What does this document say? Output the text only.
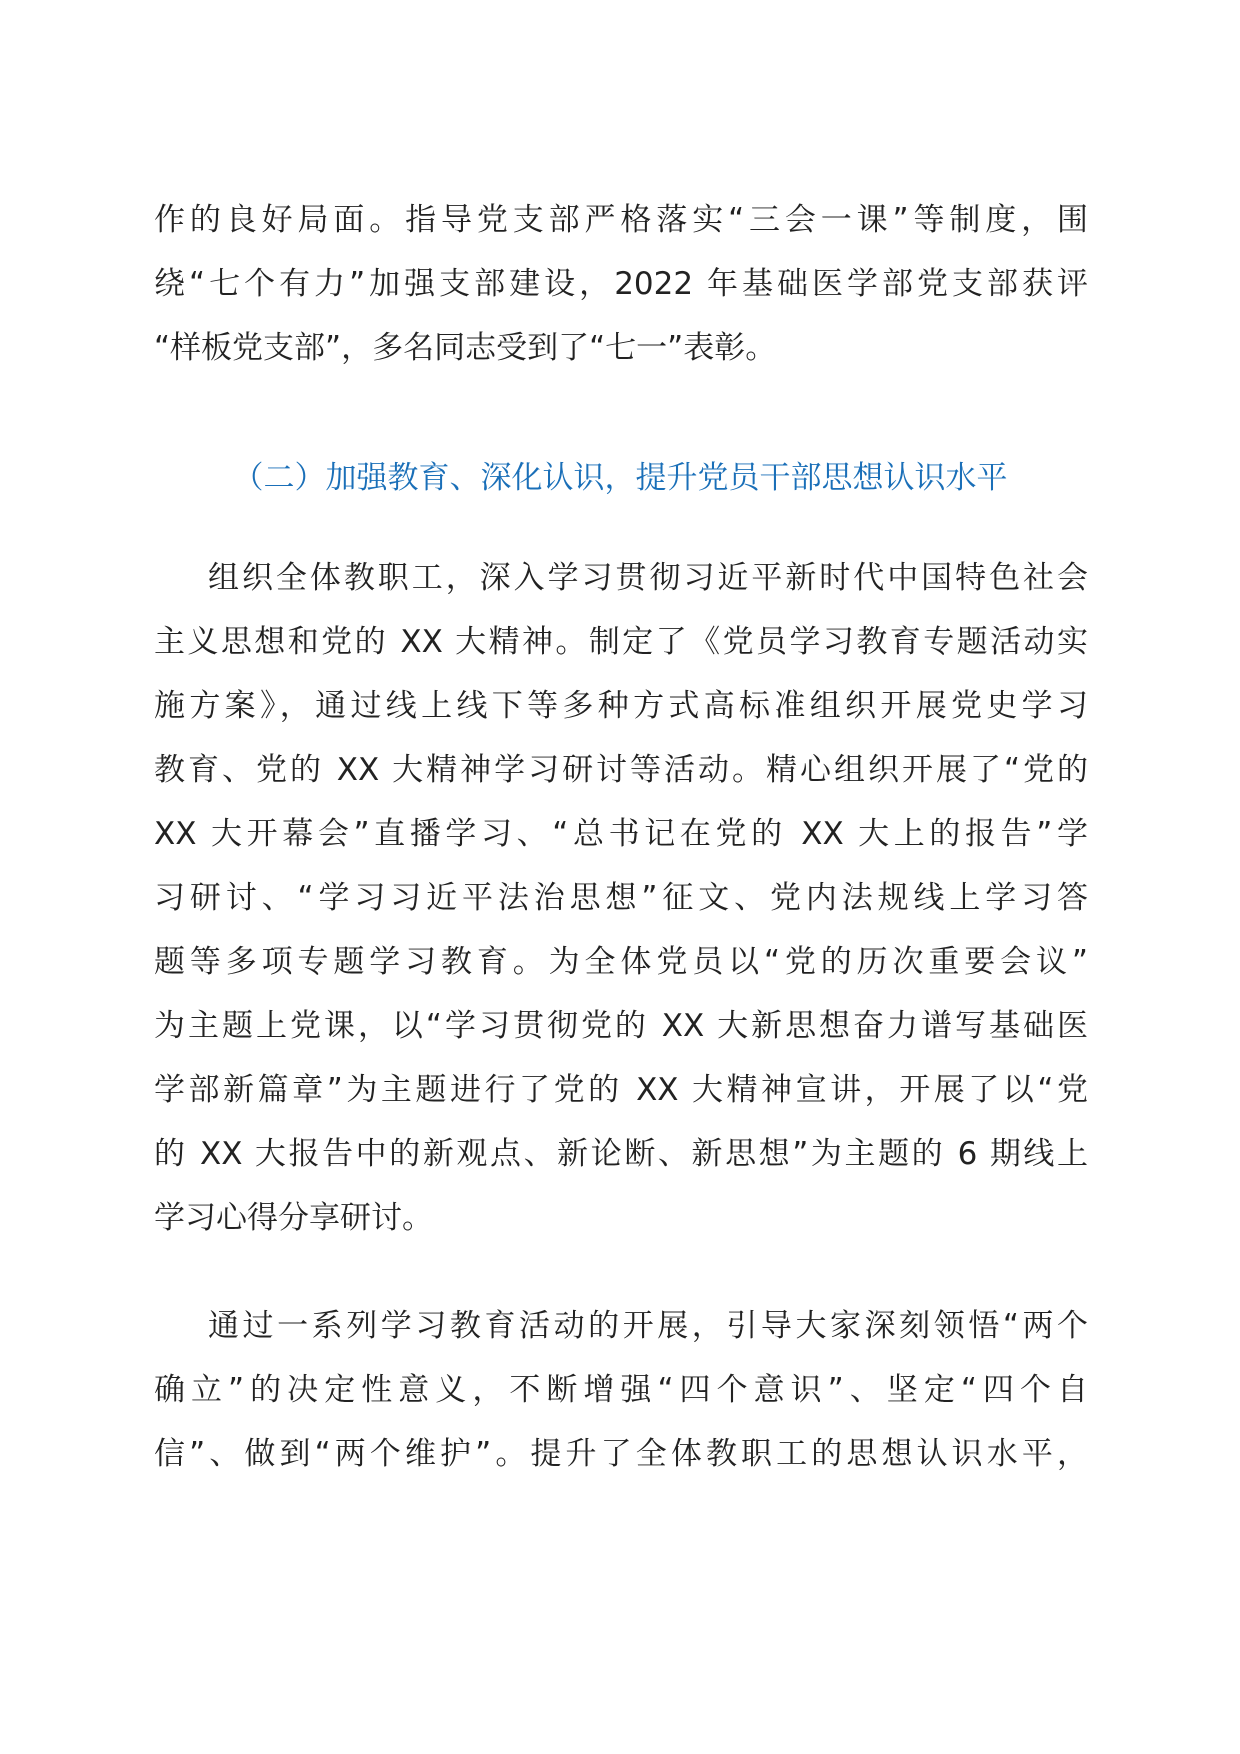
作的良好局面。指导党支部严格落实“三会一课”等制度，围
绕“七个有力”加强支部建设，2022 年基础医学部党支部获评
“样板党支部”，多名同志受到了“七一”表彰。
（二）加强教育、深化认识，提升党员干部思想认识水平
组织全体教职工，深入学习贯彻习近平新时代中国特色社会
主义思想和党的 XX 大精神。制定了《党员学习教育专题活动实
施方案》，通过线上线下等多种方式高标准组织开展党史学习
教育、党的 XX 大精神学习研讨等活动。精心组织开展了“党的
XX 大开幕会”直播学习、“总书记在党的 XX 大上的报告”学
习研讨、“学习习近平法治思想”征文、党内法规线上学习答
题等多项专题学习教育。为全体党员以“党的历次重要会议”
为主题上党课，以“学习贯彻党的 XX 大新思想奋力谱写基础医
学部新篇章”为主题进行了党的 XX 大精神宣讲，开展了以“党
的 XX 大报告中的新观点、新论断、新思想”为主题的 6 期线上
学习心得分享研讨。
通过一系列学习教育活动的开展，引导大家深刻领悟“两个
确立”的决定性意义，不断增强“四个意识”、坚定“四个自
信”、做到“两个维护”。提升了全体教职工的思想认识水平，
